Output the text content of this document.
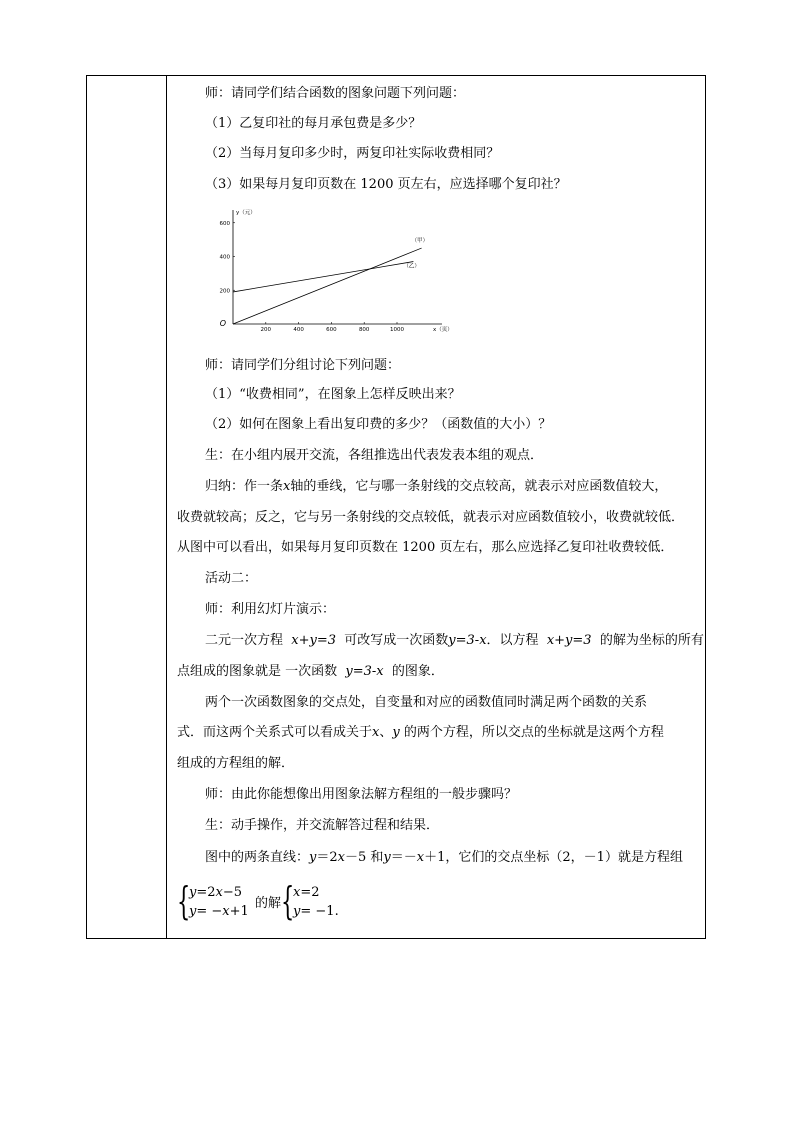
师：请同学们结合函数的图象问题下列问题：
（1）乙复印社的每月承包费是多少？
（2）当每月复印多少时，两复印社实际收费相同？
（3）如果每月复印页数在 1200 页左右，应选择哪个复印社？
200	400	600	800	1000
200
400
600
O
x（页）
y（元）
（甲）
（乙）
师：请同学们分组讨论下列问题：
（1）“收费相同”，在图象上怎样反映出来？
（2）如何在图象上看出复印费的多少？（函数值的大小）？
生：在小组内展开交流，各组推选出代表发表本组的观点．
归纳：作一条x轴的垂线，它与哪一条射线的交点较高，就表示对应函数值较大，
收费就较高；反之，它与另一条射线的交点较低，就表示对应函数值较小，收费就较低．
从图中可以看出，如果每月复印页数在 1200 页左右，那么应选择乙复印社收费较低．
活动二：
师：利用幻灯片演示：
二元一次方程 x+y=3 可改写成一次函数y=3-x．以方程 x+y=3 的解为坐标的所有
点组成的图象就是 一次函数 y=3-x 的图象．
两个一次函数图象的交点处，自变量和对应的函数值同时满足两个函数的关系
式．而这两个关系式可以看成关于x、y 的两个方程，所以交点的坐标就是这两个方程
组成的方程组的解．
师：由此你能想像出用图象法解方程组的一般步骤吗？
生：动手操作，并交流解答过程和结果．
图中的两条直线：y＝2x－5 和y＝－x＋1，它们的交点坐标（2，－1）就是方程组
{
y=2x−5
y= −x+1
的解 {
x=2
y= −1.
